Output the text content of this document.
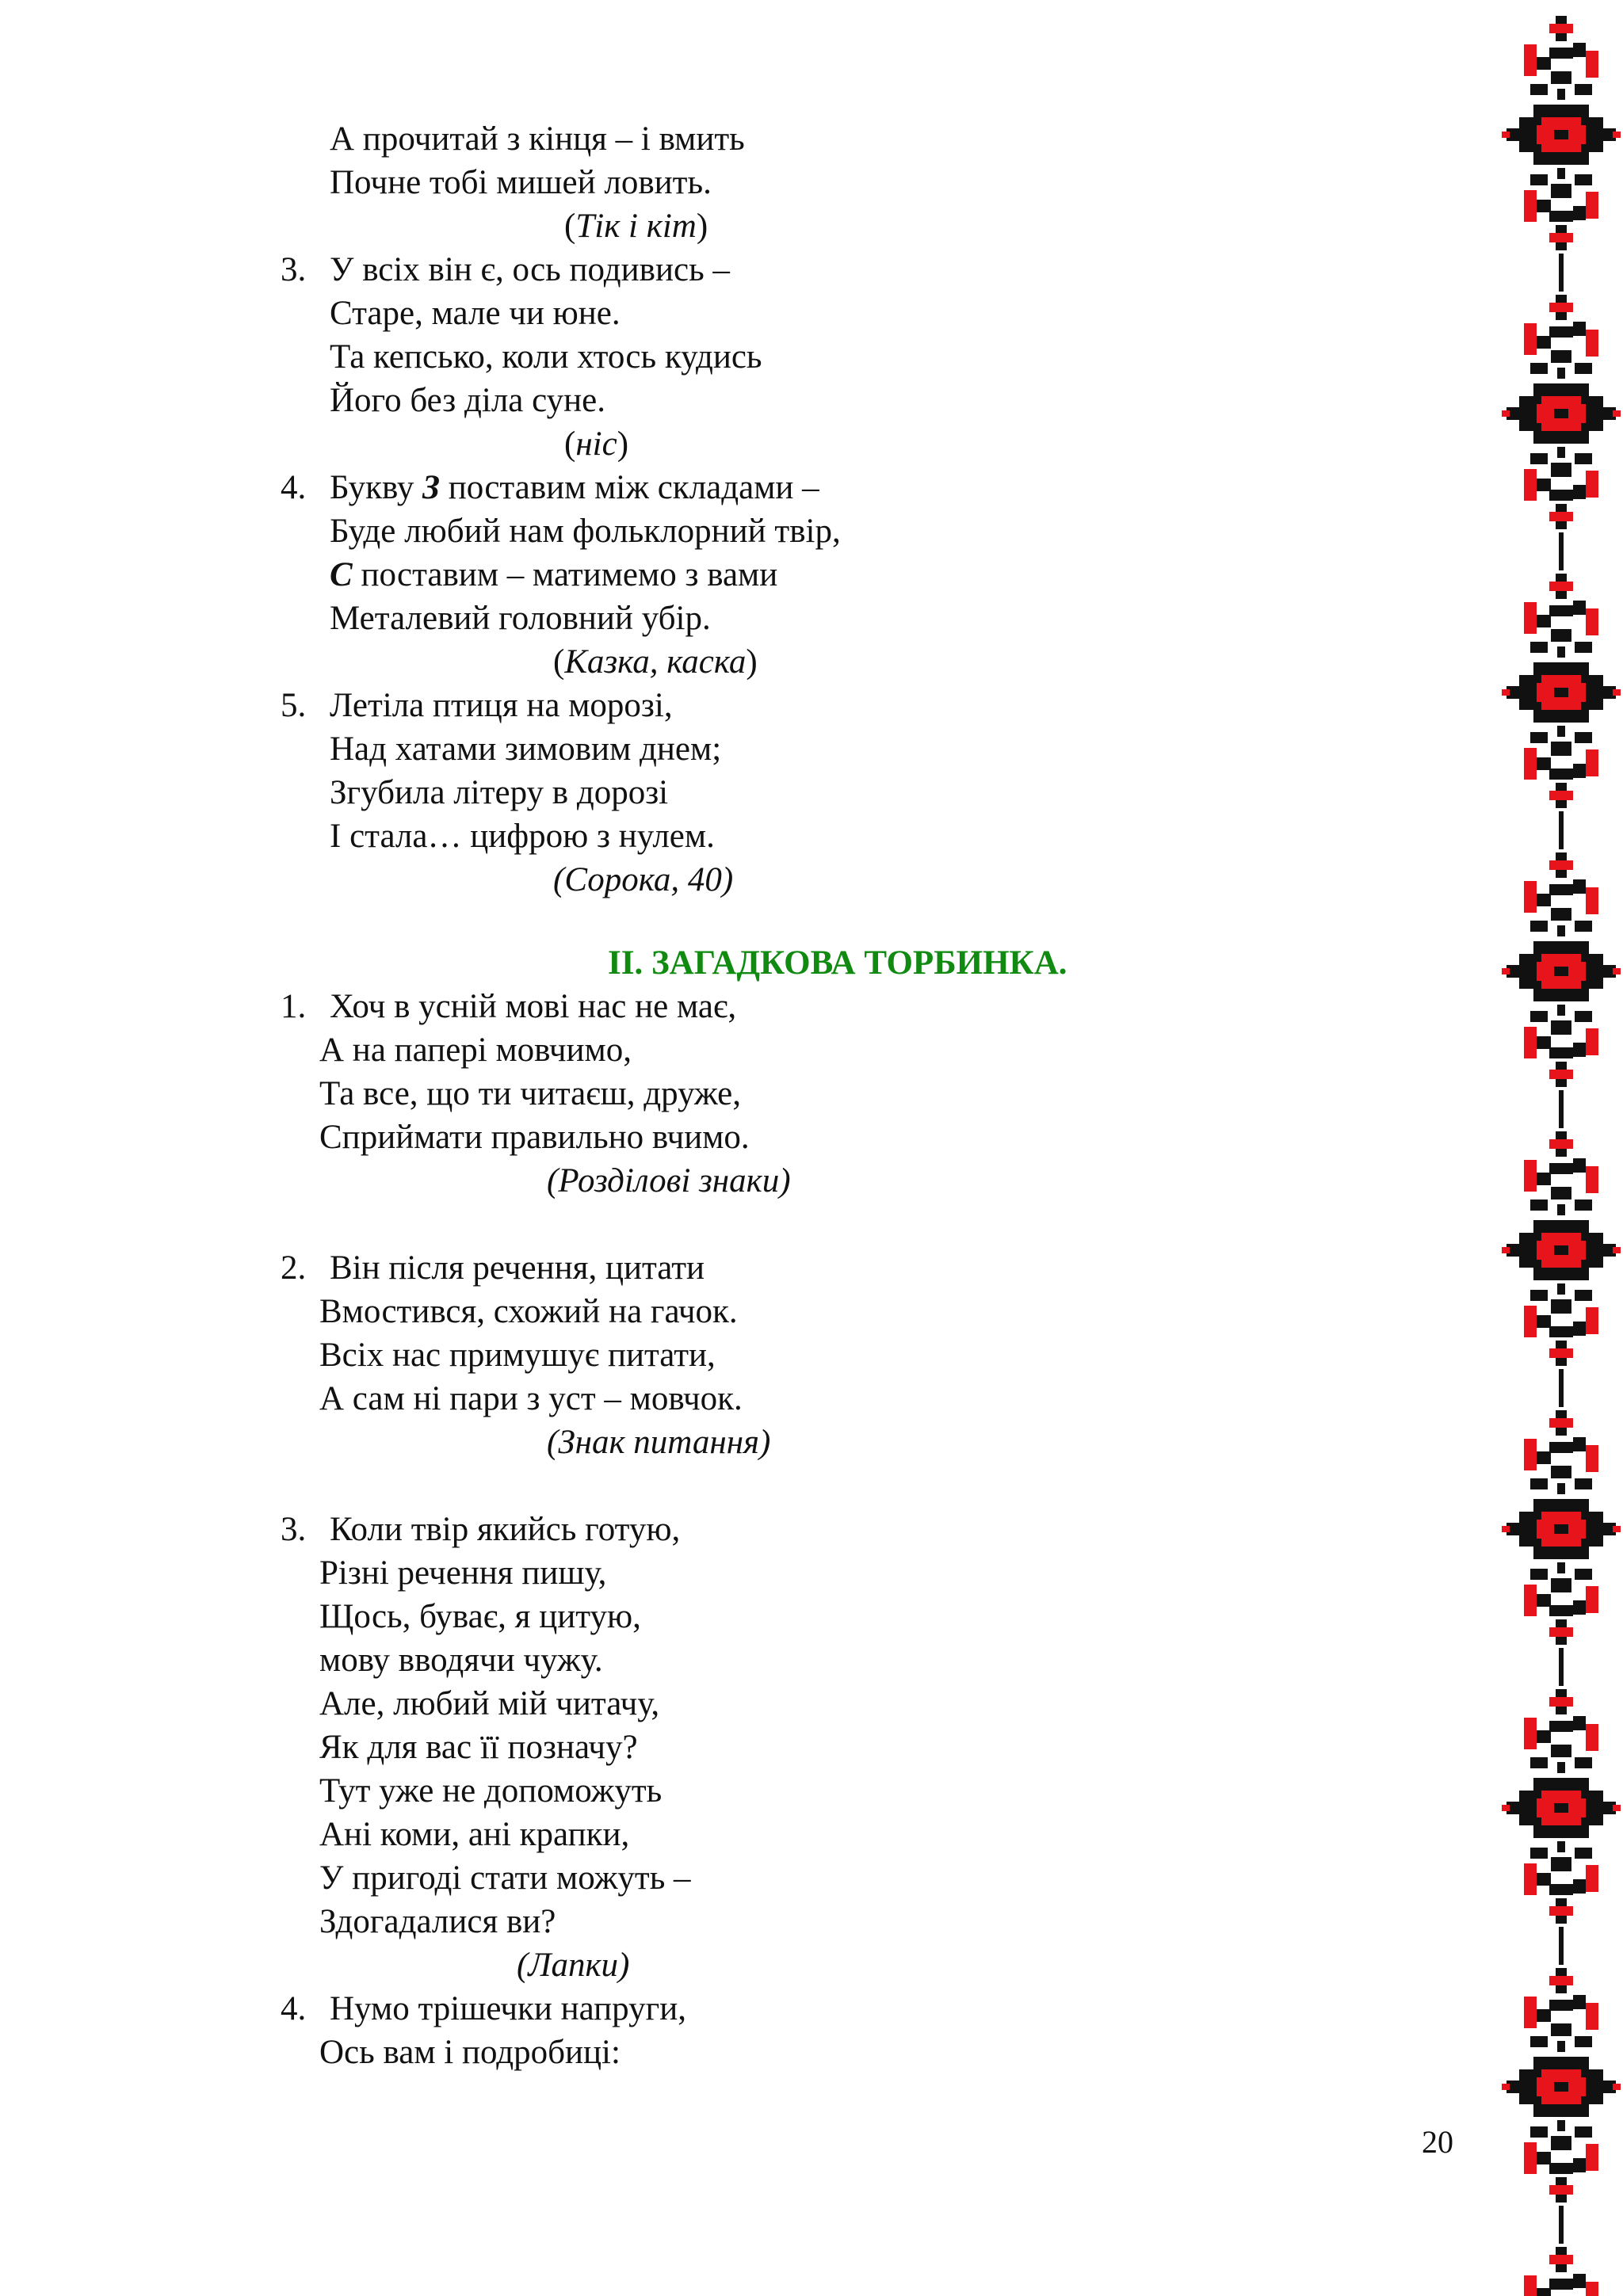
А прочитай з кінця – і вмить
Почне тобі мишей ловить.
(Тік і кіт)
3. У всіх він є, ось подивись –
Старе, мале чи юне.
Та кепсько, коли хтось кудись
Його без діла суне.
(ніс)
4. Букву З поставим між складами –
Буде любий нам фольклорний твір,
С поставим – матимемо з вами
Металевий головний убір.
(Казка, каска)
5. Летіла птиця на морозі,
Над хатами зимовим днем;
Згубила літеру в дорозі
І стала… цифрою з нулем.
(Сорока, 40)
ІІ. ЗАГАДКОВА ТОРБИНКА.
1. Хоч в усній мові нас не має,
А на папері мовчимо,
Та все, що ти читаєш, друже,
Сприймати правильно вчимо.
(Розділові знаки)
2. Він після речення, цитати
Вмостився, схожий на гачок.
Всіх нас примушує питати,
А сам ні пари з уст – мовчок.
(Знак питання)
3. Коли твір якийсь готую,
Різні речення пишу,
Щось, буває, я цитую,
мову вводячи чужу.
Але, любий мій читачу,
Як для вас її позначу?
Тут уже не допоможуть
Ані коми, ані крапки,
У пригоді стати можуть –
Здогадалися ви?
(Лапки)
4. Нумо трішечки напруги,
Ось вам і подробиці:
20
